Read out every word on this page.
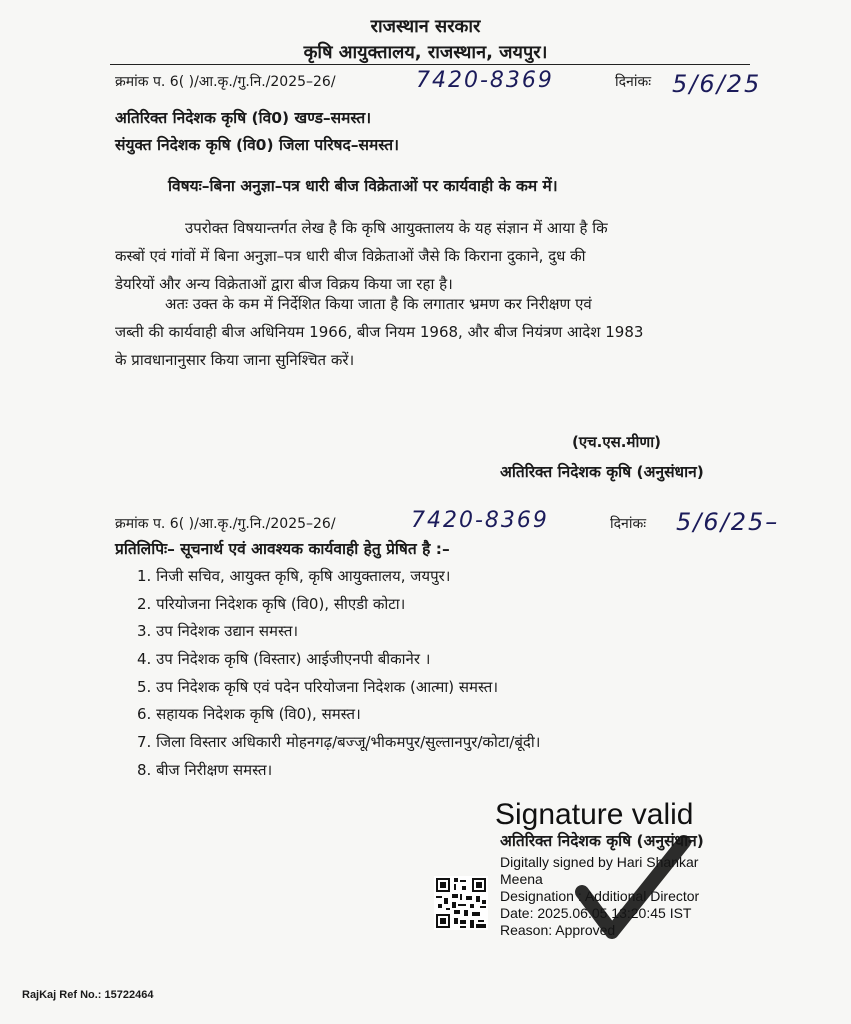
राजस्थान सरकार
कृषि आयुक्तालय, राजस्थान, जयपुर।
क्रमांक प. 6( )/आ.कृ./गु.नि./2025–26/	7420-8369	दिनांकः 5/6/25
अतिरिक्त निदेशक कृषि (वि0) खण्ड–समस्त।
संयुक्त निदेशक कृषि (वि0) जिला परिषद–समस्त।
विषयः–बिना अनुज्ञा–पत्र धारी बीज विक्रेताओं पर कार्यवाही के कम में।
उपरोक्त विषयान्तर्गत लेख है कि कृषि आयुक्तालय के यह संज्ञान में आया है कि
कस्बों एवं गांवों में बिना अनुज्ञा–पत्र धारी बीज विक्रेताओं जैसे कि किराना दुकाने, दुध की
डेयरियों और अन्य विक्रेताओं द्वारा बीज विक्रय किया जा रहा है।
अतः उक्त के कम में निर्देशित किया जाता है कि लगातार भ्रमण कर निरीक्षण एवं
जब्ती की कार्यवाही बीज अधिनियम 1966, बीज नियम 1968, और बीज नियंत्रण आदेश 1983
के प्रावधानानुसार किया जाना सुनिश्चित करें।
(एच.एस.मीणा)
अतिरिक्त निदेशक कृषि (अनुसंधान)
क्रमांक प. 6( )/आ.कृ./गु.नि./2025–26/	7420-8369	दिनांकः 5/6/25–
प्रतिलिपिः– सूचनार्थ एवं आवश्यक कार्यवाही हेतु प्रेषित है :–
1. निजी सचिव, आयुक्त कृषि, कृषि आयुक्तालय, जयपुर।
2. परियोजना निदेशक कृषि (वि0), सीएडी कोटा।
3. उप निदेशक उद्यान समस्त।
4. उप निदेशक कृषि (विस्तार) आईजीएनपी बीकानेर ।
5. उप निदेशक कृषि एवं पदेन परियोजना निदेशक (आत्मा) समस्त।
6. सहायक निदेशक कृषि (वि0), समस्त।
7. जिला विस्तार अधिकारी मोहनगढ़/बज्जू/भीकमपुर/सुल्तानपुर/कोटा/बूंदी।
8. बीज निरीक्षण समस्त।
अतिरिक्त निदेशक कृषि (अनुसंधान)
Signature valid
Digitally signed by Hari Shankar
Meena
Designation : Additional Director
Date: 2025.06.05 13:20:45 IST
Reason: Approved
RajKaj Ref No.: 15722464
